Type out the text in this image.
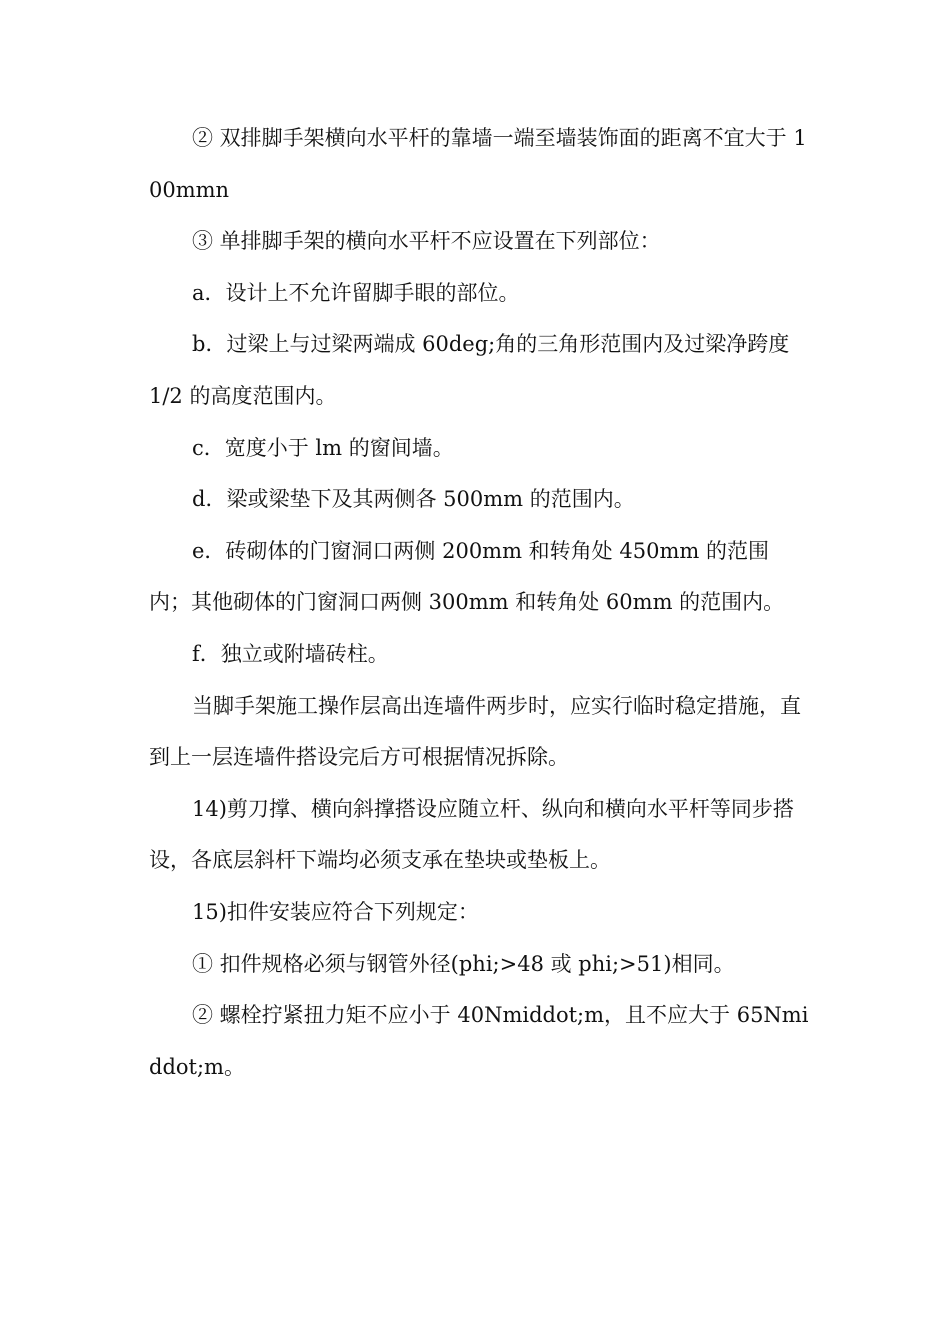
② 双排脚手架横向水平杆的靠墙一端至墙装饰面的距离不宜大于 100mmn

③ 单排脚手架的横向水平杆不应设置在下列部位：

a．设计上不允许留脚手眼的部位。

b．过梁上与过梁两端成 60deg;角的三角形范围内及过梁净跨度 1/2 的高度范围内。

c．宽度小于 lm 的窗间墙。

d．梁或梁垫下及其两侧各 500mm 的范围内。

e．砖砌体的门窗洞口两侧 200mm 和转角处 450mm 的范围内；其他砌体的门窗洞口两侧 300mm 和转角处 60mm 的范围内。

f．独立或附墙砖柱。

当脚手架施工操作层高出连墙件两步时，应实行临时稳定措施，直到上一层连墙件搭设完后方可根据情况拆除。

14)剪刀撑、横向斜撑搭设应随立杆、纵向和横向水平杆等同步搭设，各底层斜杆下端均必须支承在垫块或垫板上。

15)扣件安装应符合下列规定：

① 扣件规格必须与钢管外径(phi;>48 或 phi;>51)相同。

② 螺栓拧紧扭力矩不应小于 40Nmiddot;m，且不应大于 65Nmiddot;m。
